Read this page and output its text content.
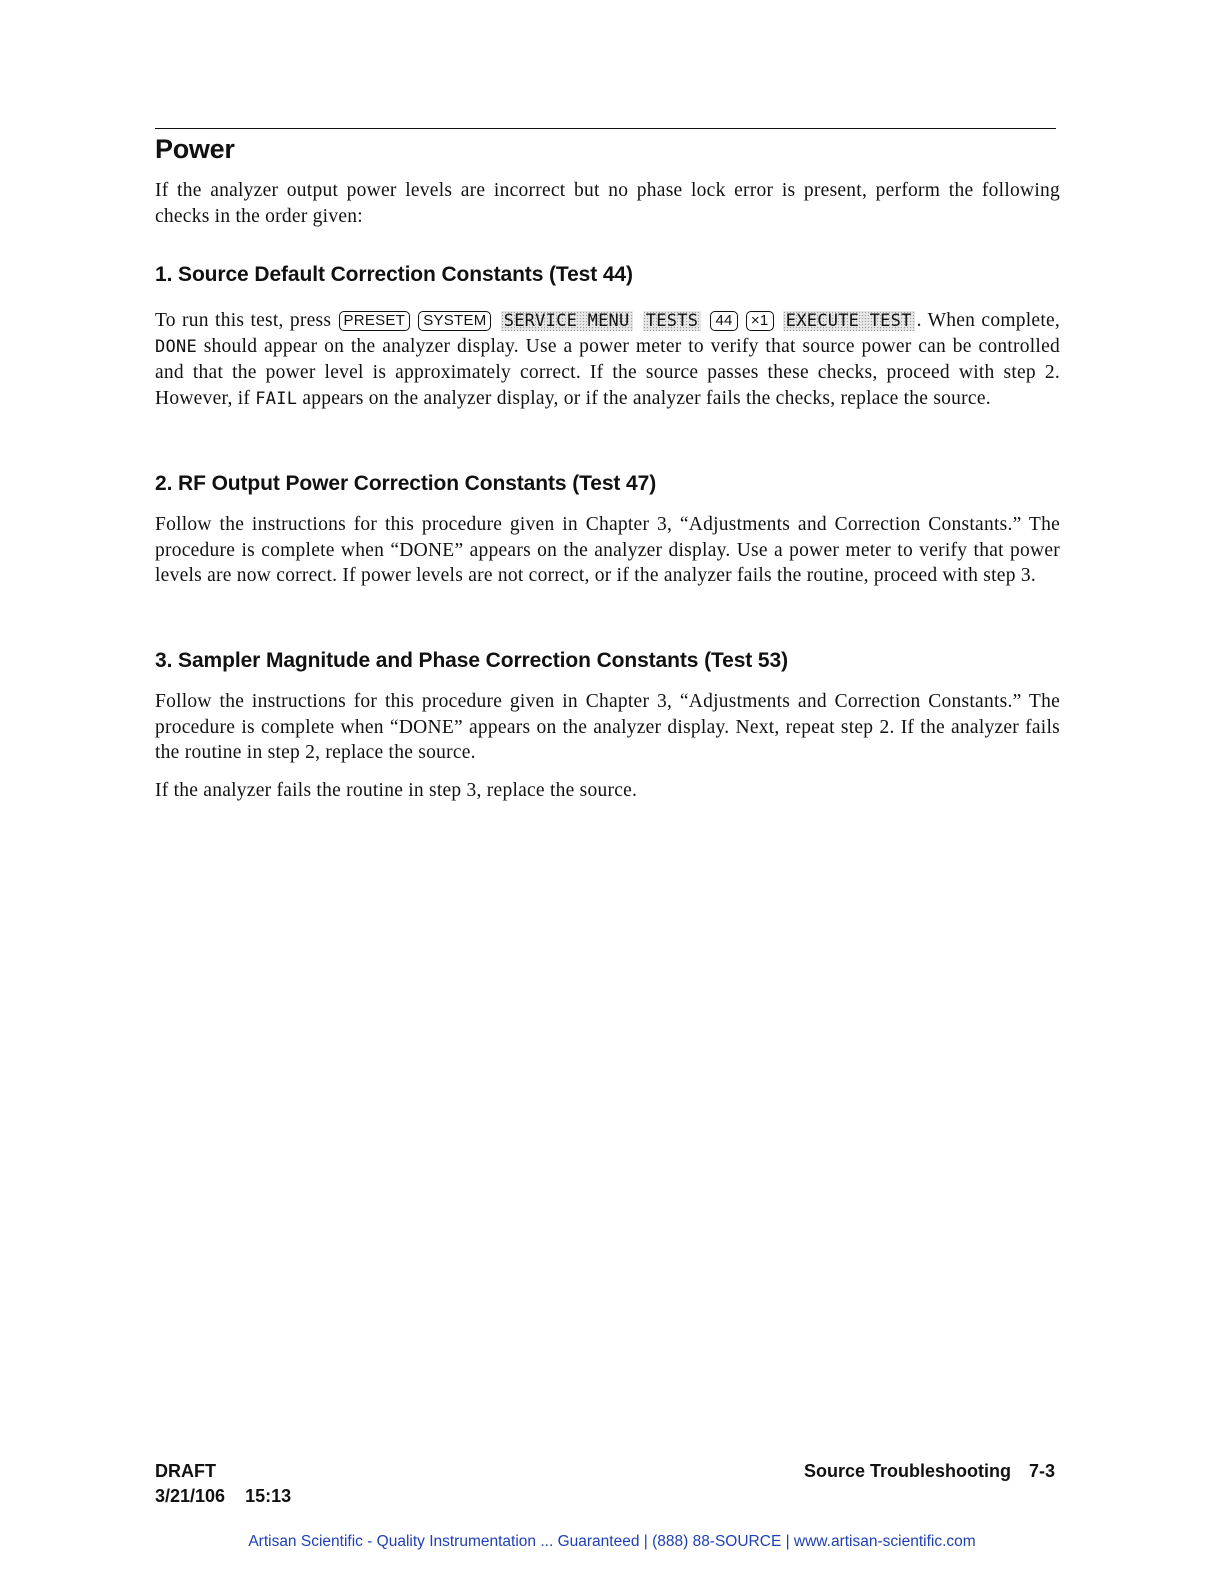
Power

If the analyzer output power levels are incorrect but no phase lock error is present, perform the following checks in the order given:

1. Source Default Correction Constants (Test 44)

To run this test, press PRESET SYSTEM SERVICE MENU TESTS 44 ×1 EXECUTE TEST . When complete, DONE should appear on the analyzer display. Use a power meter to verify that source power can be controlled and that the power level is approximately correct. If the source passes these checks, proceed with step 2. However, if FAIL appears on the analyzer display, or if the analyzer fails the checks, replace the source.

2. RF Output Power Correction Constants (Test 47)

Follow the instructions for this procedure given in Chapter 3, “Adjustments and Correction Constants.” The procedure is complete when “DONE” appears on the analyzer display. Use a power meter to verify that power levels are now correct. If power levels are not correct, or if the analyzer fails the routine, proceed with step 3.

3. Sampler Magnitude and Phase Correction Constants (Test 53)

Follow the instructions for this procedure given in Chapter 3, “Adjustments and Correction Constants.” The procedure is complete when “DONE” appears on the analyzer display. Next, repeat step 2. If the analyzer fails the routine in step 2, replace the source.

If the analyzer fails the routine in step 3, replace the source.

DRAFT
3/21/106 15:13
Source Troubleshooting 7-3
Artisan Scientific - Quality Instrumentation ... Guaranteed | (888) 88-SOURCE | www.artisan-scientific.com
